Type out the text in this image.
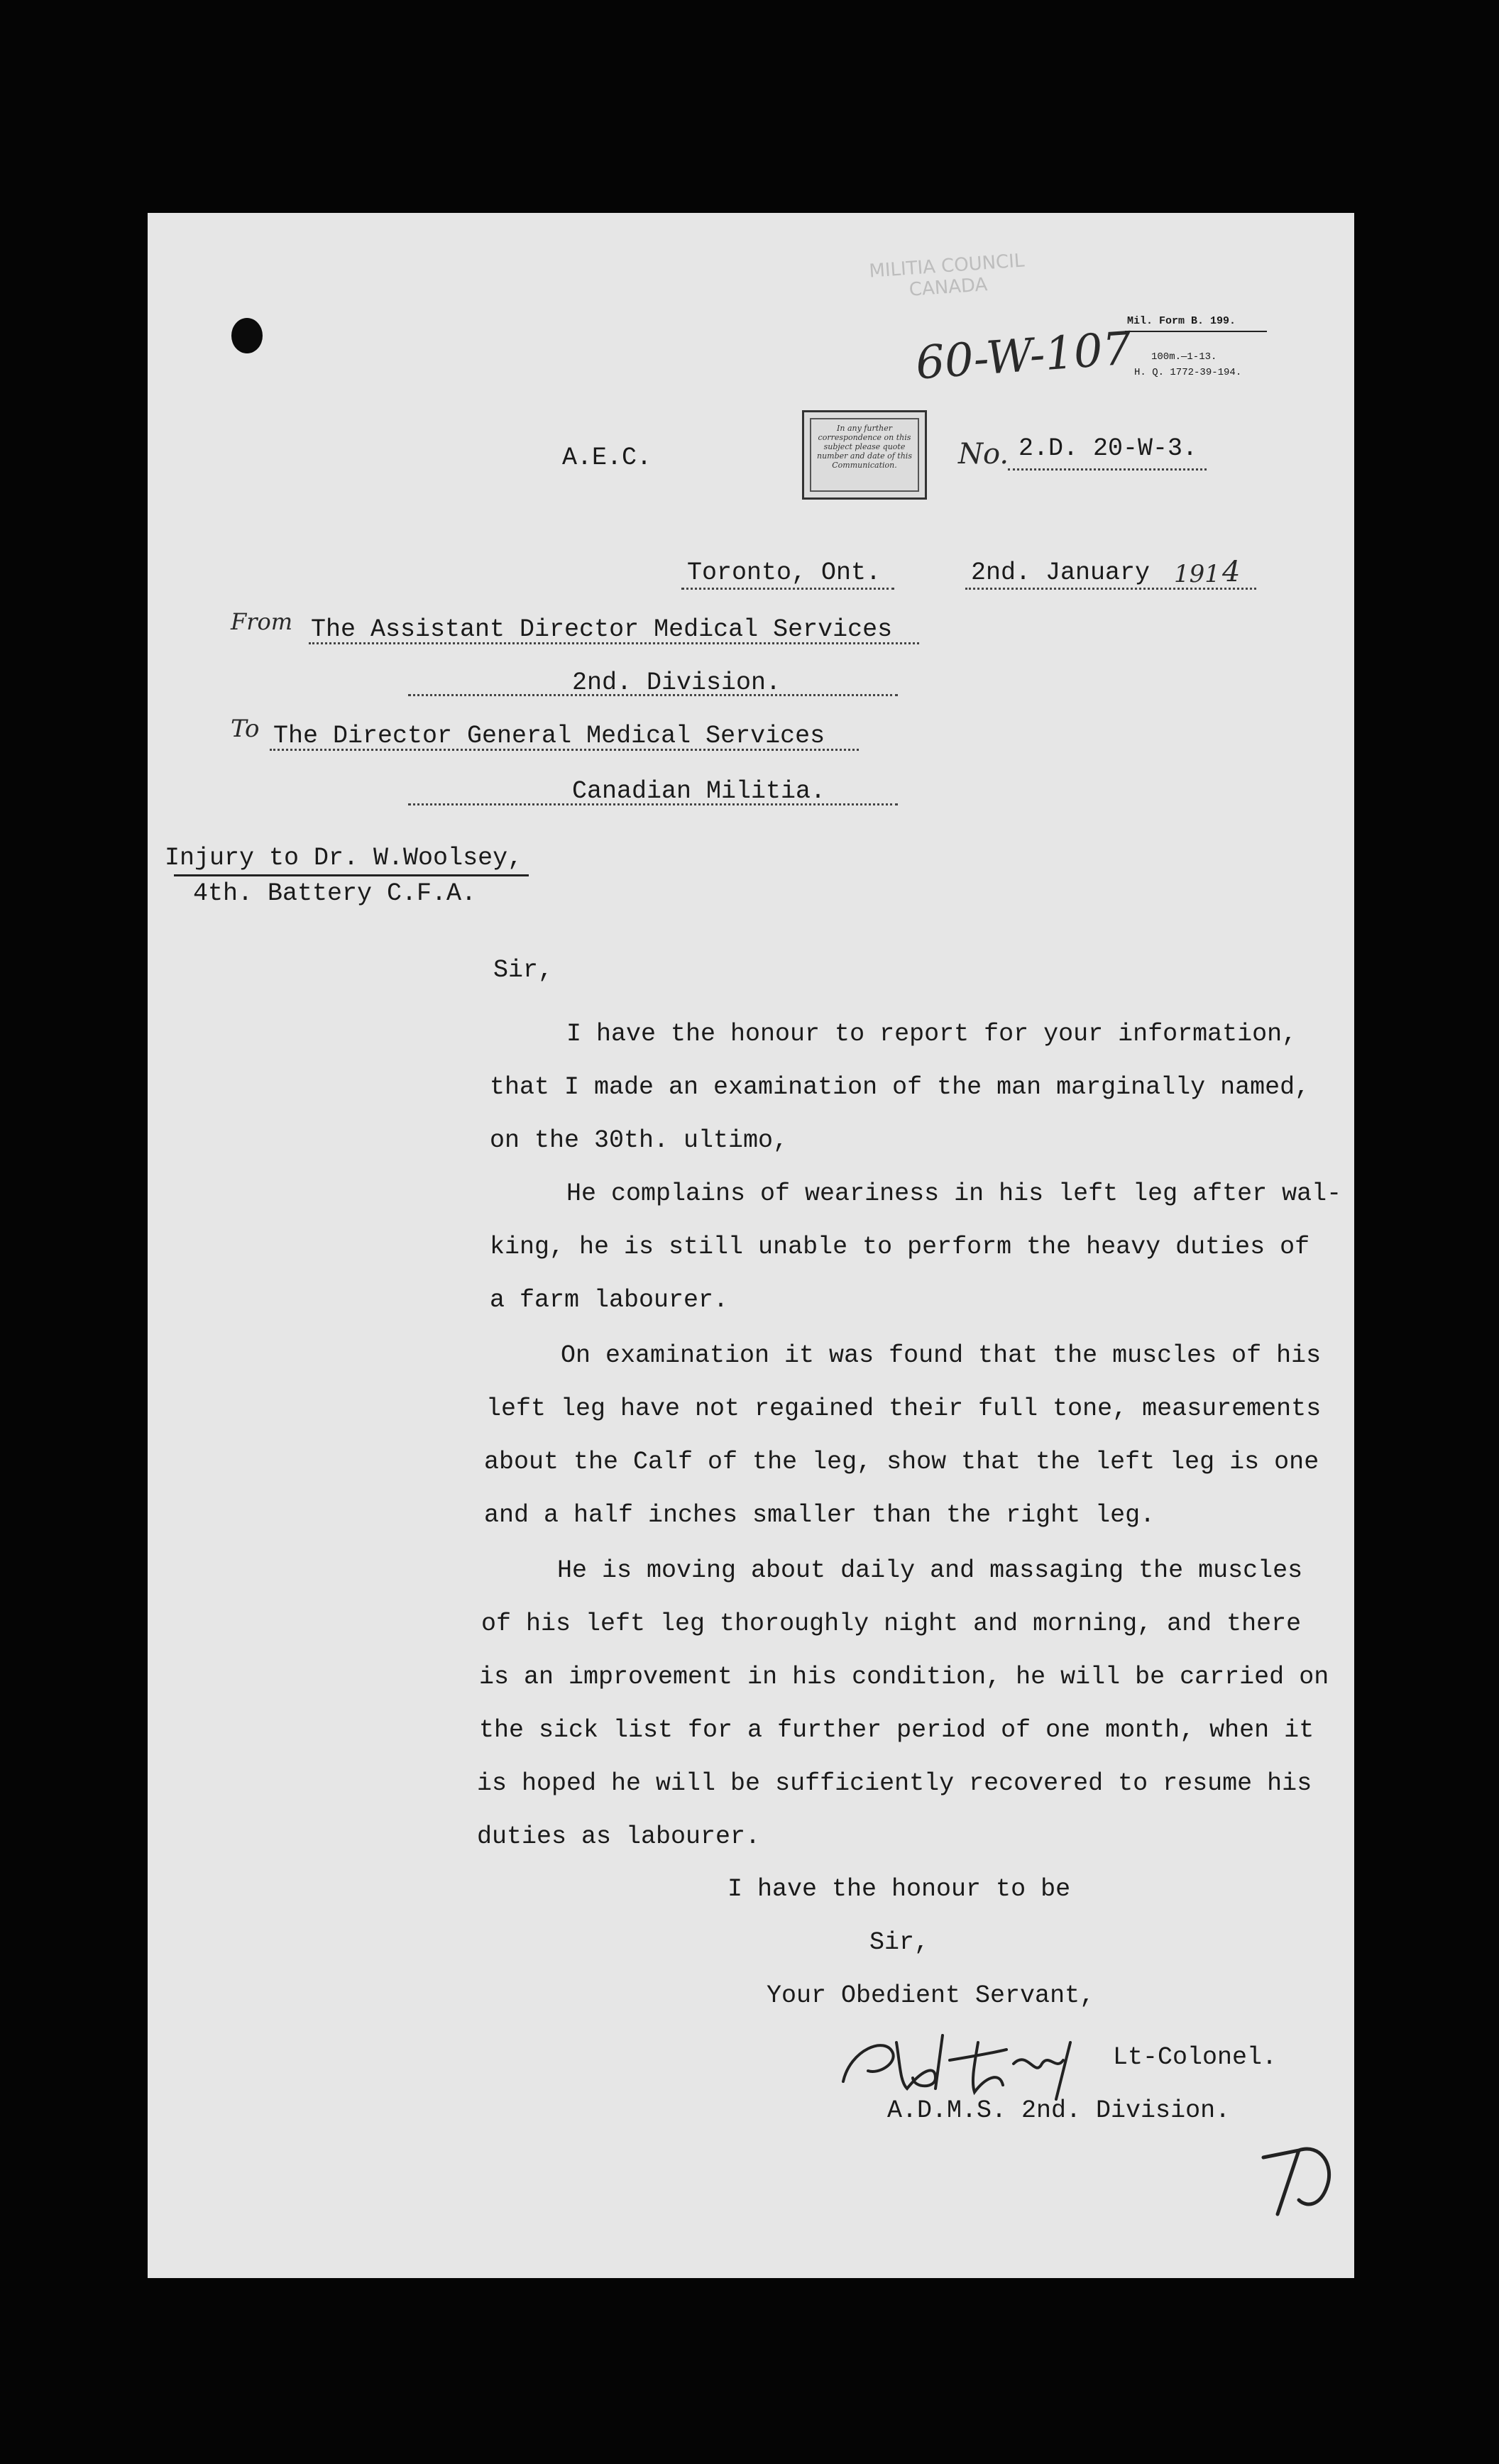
MILITIA COUNCIL CANADA

60-W-107

Mil. Form B. 199.

100m.—1-13.

H. Q. 1772-39-194.

A.E.C.

In any further correspondence on this subject please quote number and date of this Communication.	No. 2.D. 20-W-3.

Toronto, Ont.	2nd. January 191 4

From The Assistant Director Medical Services

2nd. Division.

To The Director General Medical Services

Canadian Militia.

Injury to Dr. W.Woolsey,

4th. Battery C.F.A.

Sir,

I have the honour to report for your information,

that I made an examination of the man marginally named,

on the 30th. ultimo,

He complains of weariness in his left leg after wal-

king, he is still unable to perform the heavy duties of

a farm labourer.

On examination it was found that the muscles of his

left leg have not regained their full tone, measurements

about the Calf of the leg, show that the left leg is one

and a half inches smaller than the right leg.

He is moving about daily and massaging the muscles

of his left leg thoroughly night and morning, and there

is an improvement in his condition, he will be carried on

the sick list for a further period of one month, when it

is hoped he will be sufficiently recovered to resume his

duties as labourer.

I have the honour to be

Sir,

Your Obedient Servant,

Lt-Colonel.

A.D.M.S. 2nd. Division.
